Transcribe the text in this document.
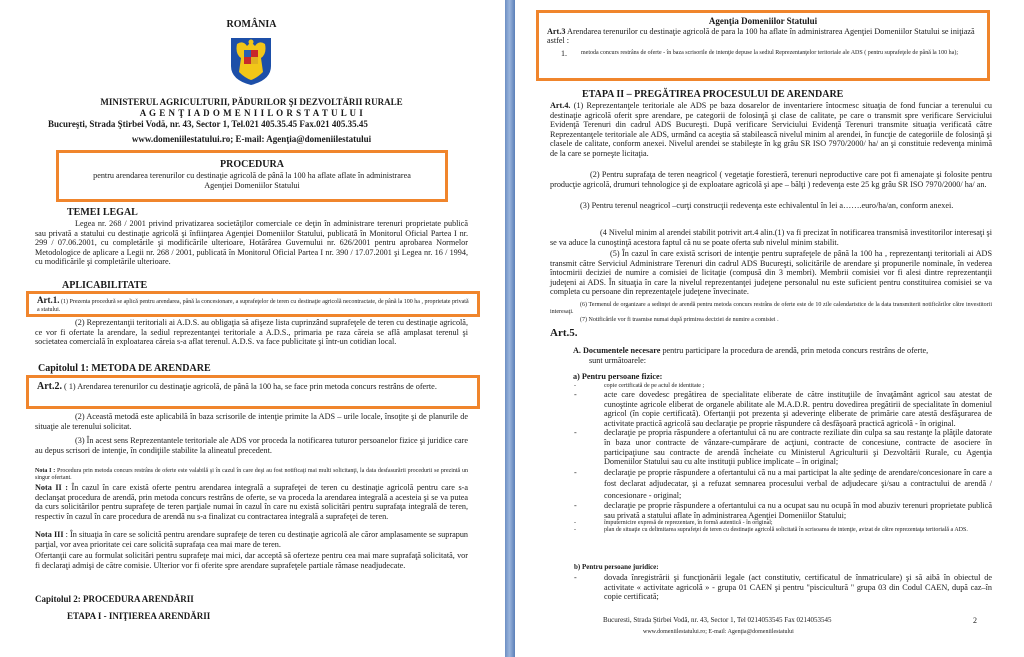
ROMÂNIA
MINISTERUL AGRICULTURII, PĂDURILOR ŞI DEZVOLTĂRII RURALE
A G E N Ţ I A D O M E N I I L O R S T A T U L U I
Bucureşti, Strada Ştirbei Vodă, nr. 43, Sector 1, Tel.021 405.35.45 Fax.021 405.35.45
www.domeniilestatului.ro; E-mail: Agenţia@domeniilestatului
PROCEDURA
pentru arendarea terenurilor cu destinaţie agricolă de până la 100 ha aflate aflate în administrarea
Agenţiei Domeniilor Statului
TEMEI LEGAL
Legea nr. 268 / 2001 privind privatizarea societăţilor comerciale ce deţin în administrare terenuri proprietate publică sau privată a statului cu destinaţie agricolă şi înfiinţarea Agenţiei Domeniilor Statului, publicată în Monitorul Oficial Partea I nr. 299 / 07.06.2001, cu completările şi modificările ulterioare, Hotărârea Guvernului nr. 626/2001 pentru aprobarea Normelor Metodologice de aplicare a Legii nr. 268 / 2001, publicată în Monitorul Oficial Partea I nr. 390 / 17.07.2001 şi Legea nr. 16 / 1994, cu modificările şi completările ulterioare.
APLICABILITATE
Art.1. (1) Prezenta procedură se aplică pentru arendarea, până la concesionare, a suprafeţelor de teren cu destinaţie agricolă necontractate, de până la 100 ha , proprietate privată a statului.
(2) Reprezentanţii teritoriali ai A.D.S. au obligaţia să afişeze lista cuprinzând suprafeţele de teren cu destinaţie agricolă, ce vor fi ofertate la arendare, la sediul reprezentanţei teritoriale a A.D.S., primaria pe raza căreia se află amplasat terenul şi societatea comercială în exploatarea căreia s-a aflat terenul. A.D.S. va face publicitate şi într-un cotidian local.
Capitolul 1: METODA DE ARENDARE
Art.2. ( 1) Arendarea terenurilor cu destinaţie agricolă, de până la 100 ha, se face prin metoda concurs restrâns de oferte.
(2) Această metodă este aplicabilă în baza scrisorile de intenţie primite la ADS – urile locale, însoţite şi de planurile de situaţie ale terenului solicitat.
(3) În acest sens Reprezentantele teritoriale ale ADS vor proceda la notificarea tuturor persoanelor fizice şi juridice care au depus scrisori de intenţie, în condiţiile stabilite la alineatul precedent.
Nota I : Procedura prin metoda concurs restrâns de oferte este valabilă şi în cazul în care deşi au fost notificaţi mai multi solicitanţi, la data desfasurării procedurii se prezintă un singur ofertant.
Nota II : În cazul în care există oferte pentru arendarea integrală a suprafeţei de teren cu destinaţie agricolă pentru care s-a declanşat procedura de arendă, prin metoda concurs restrâns de oferte, se va proceda la arendarea integrală a acesteia şi se va putea da curs solicitărilor pentru suprafeţe de teren parţiale numai în cazul în care nu există solicitări pentru suprafaţa integrală de teren, respectiv în cazul în care procedura de arendă nu s-a finalizat cu contractarea integrală a suprafeţei de teren.
Nota III : În situaţia în care se solicită pentru arendare suprafeţe de teren cu destinaţie agricolă ale căror amplasamente se suprapun parţial, vor avea prioritate cei care solicită suprafaţa cea mai mare de teren.
Ofertanţii care au formulat solicitări pentru suprafeţe mai mici, dar acceptă să oferteze pentru cea mai mare suprafaţă solicitată, vor fi declaraţi admişi de către comisie. Ulterior vor fi oferite spre arendare suprafeţele partiale rămase neadjudecate.
Capitolul 2: PROCEDURA ARENDĂRII
ETAPA I - INIŢIEREA ARENDĂRII
Agenţia Domeniilor Statului
Art.3 Arendarea terenurilor cu destinaţie agricolă de para la 100 ha aflate în administrarea Agenţiei Domeniilor Statului se iniţiază astfel :
1. metoda concurs restrâns de oferte - în baza scrisorile de intenţie depuse la sediul Reprezentanţelor teritoriale ale ADS ( pentru suprafeţele de până la 100 ha);
ETAPA II – PREGĂTIREA PROCESULUI DE ARENDARE
Art.4. (1) Reprezentanţele teritoriale ale ADS pe baza dosarelor de inventariere întocmesc situaţia de fond funciar a terenului cu destinaţie agricolă oferit spre arendare, pe categorii de folosinţă şi clase de calitate, pe care o transmit spre verificare Serviciului Evidenţă Terenuri din cadrul ADS Bucureşti. După verificare Serviciului Evidenţă Terenuri transmite situaţia verificată către Reprezentanţele teritoriale ale ADS, urmând ca aceştia să stabilească nivelul minim al arendei, în funcţie de categoriile de folosinţă şi clasele de calitate, conform anexei. Nivelul arendei se stabileşte în kg grâu SR ISO 7970/2000/ ha/ an şi constituie redevenţa minimă de la care se porneşte licitaţia.
(2) Pentru suprafaţa de teren neagricol ( vegetaţie forestieră, terenuri neproductive care pot fi amenajate şi folosite pentru producţie agricolă, drumuri tehnologice şi de exploatare agricolă şi ape – bălţi ) redevenţa este 25 kg grâu SR ISO 7970/2000/ ha/ an.
(3) Pentru terenul neagricol –curţi construcţii redevenţa este echivalentul în lei a…….euro/ha/an, conform anexei.
(4 Nivelul minim al arendei stabilit potrivit art.4 alin.(1) va fi precizat în notificarea transmisă investitorilor interesaţi şi se va aduce la cunoştinţă acestora faptul că nu se poate oferta sub nivelul minim stabilit.
(5) În cazul în care există scrisori de intenţie pentru suprafeţele de până la 100 ha , reprezentanţi teritoriali ai ADS transmit către Serviciul Administrare Terenuri din cadrul ADS Bucureşti, solicitările de arendare şi propunerile nominale, în vederea întocmirii deciziei de numire a comisiei de licitaţie (compusă din 3 membri). Membrii comisiei vor fi alesi dintre reprezentanţii judeţeni ai ADS. În situaţia în care la nivelul reprezentanţei judeţene personalul nu este suficient pentru constituirea comisiei se va completa cu persoane din reprezentaţele judeţene învecinate.
(6) Termenul de organizare a sedinţei de arendă pentru metoda concurs restrâns de oferte este de 10 zile calendaristice de la data transmiterii notificărilor către investitorii interesaţi.
(7) Notificările vor fi trasmise numai după primirea deciziei de numire a comisiei .
Art.5.
A. Documentele necesare pentru participare la procedura de arendă, prin metoda concurs restrâns de oferte,
sunt următoarele:
a) Pentru persoane fizice:
- copie certificată de pe actul de identitate ;
- acte care dovedesc pregătirea de specialitate eliberate de către instituţiile de învaţământ agricol sau atestat de cunoştinte agricole eliberat de organele abilitate ale M.A.D.R. pentru dovedirea pregătirii de specialitate în domeniul agricol (în copie certificată). Ofertanţii pot prezenta şi adeverinţe eliberate de primărie care atestă desfăşurarea de activitate practică agricolă sau declaraţie pe proprie răspundere că desfăşoară practică agricolă - în original.
- declaraţie pe propria răspundere a ofertantului că nu are contracte reziliate din culpa sa sau restanţe la plăţile datorate în baza unor contracte de vânzare-cumpărare de acţiuni, contracte de concesiune, contracte de asociere în participaţiune sau contracte de arendă încheiate cu Ministerul Agriculturii şi Dezvoltării Rurale, cu Agenţia Domeniilor Statului sau cu alte instituţii publice implicate – în original;
- declaraţie pe proprie răspundere a ofertantului că nu a mai participat la alte şedinţe de arendare/concesionare în care a fost declarat adjudecatar, şi a refuzat semnarea procesului verbal de adjudecare şi/sau a contractului de arendă / concesionare - original;
- declaraţie pe proprie răspundere a ofertantului ca nu a ocupat sau nu ocupă în mod abuziv terenuri proprietate publică sau privată a statului aflate în administrarea Agenţiei Domeniilor Statului;
- împuternicire expresă de reprezentare, în formă autentică - în original;
- plan de situaţie cu delimitarea suprafeţei de teren cu destinaţie agricolă solicitată în scrisoarea de intenţie, avizat de către reprezentaţa teritorială a ADS.
b) Pentru persoane juridice:
- dovada înregistrării şi funcţionării legale (act constitutiv, certificatul de înmatriculare) şi să aibă în obiectul de activitate « activitate agricolă » - grupa 01 CAEN şi pentru "piscicultură " grupa 03 din Codul CAEN, după caz–în copie certificată;
Bucuresti, Strada Ştirbei Vodă, nr. 43, Sector 1, Tel 0214053545 Fax 0214053545	2
www.domeniilestatului.ro; E-mail: Agenţia@domeniilestatului
